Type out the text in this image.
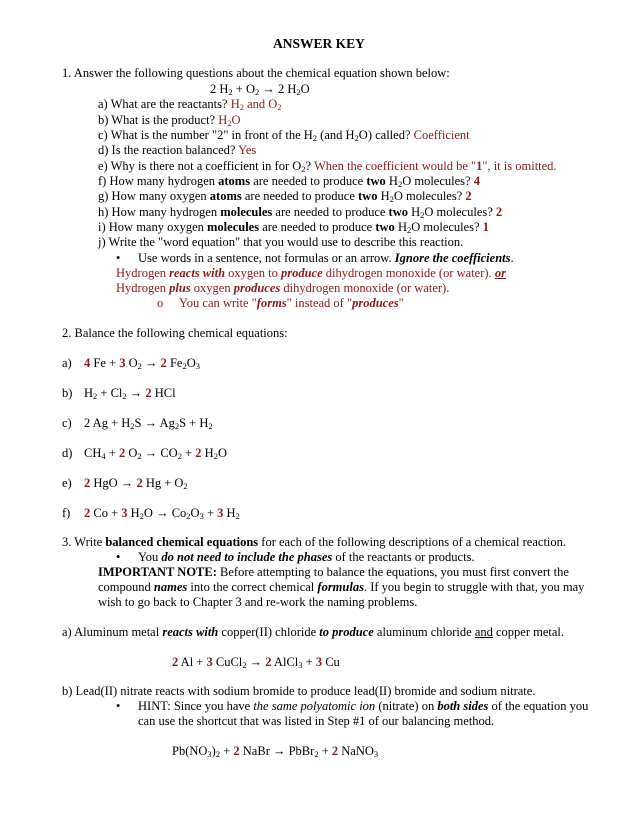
ANSWER KEY
1. Answer the following questions about the chemical equation shown below:
2 $H_2 + O_2 \to 2$ $H_2O$
a) What are the reactants? $H_2$ and $O_2$
b) What is the product? $H_2O$
c) What is the number "2" in front of the $H_2$ (and $H_2O$) called? Coefficient
d) Is the reaction balanced? Yes
e) Why is there not a coefficient in for $O_2$? When the coefficient would be "1", it is omitted.
f) How many hydrogen atoms are needed to produce two $H_2O$ molecules? 4
g) How many oxygen atoms are needed to produce two $H_2O$ molecules? 2
h) How many hydrogen molecules are needed to produce two $H_2O$ molecules? 2
i) How many oxygen molecules are needed to produce two $H_2O$ molecules? 1
j) Write the "word equation" that you would use to describe this reaction.
• Use words in a sentence, not formulas or an arrow. Ignore the coefficients.
Hydrogen reacts with oxygen to produce dihydrogen monoxide (or water). or
Hydrogen plus oxygen produces dihydrogen monoxide (or water).
o You can write "forms" instead of "produces"
2. Balance the following chemical equations:
a) 4 Fe + 3 $O_2 \to 2$ $Fe_2O_3$
b) $H_2 + Cl_2 \to 2$ HCl
c) 2 $Ag + H_2S \to Ag_2S + H_2$
d) $CH_4 + 2$ $O_2 \to CO_2 + 2$ $H_2O$
e) 2 HgO → 2 $Hg + O_2$
f) 2 Co + 3 $H_2O \to Co_2O_3 + 3$ $H_2$
3. Write balanced chemical equations for each of the following descriptions of a chemical reaction.
• You do not need to include the phases of the reactants or products.
IMPORTANT NOTE: Before attempting to balance the equations, you must first convert the
compound names into the correct chemical formulas. If you begin to struggle with that, you may
wish to go back to Chapter 3 and re-work the naming problems.
a) Aluminum metal reacts with copper(II) chloride to produce aluminum chloride and copper metal.
2 Al + 3 CuCl$_2$ → 2 AlCl$_3$ + 3 Cu
b) Lead(II) nitrate reacts with sodium bromide to produce lead(II) bromide and sodium nitrate.
• HINT: Since you have the same polyatomic ion (nitrate) on both sides of the equation you
can use the shortcut that was listed in Step #1 of our balancing method.
$Pb(NO_3)_2 + 2$ NaBr → PbBr$_2$ + 2 NaNO$_3$
